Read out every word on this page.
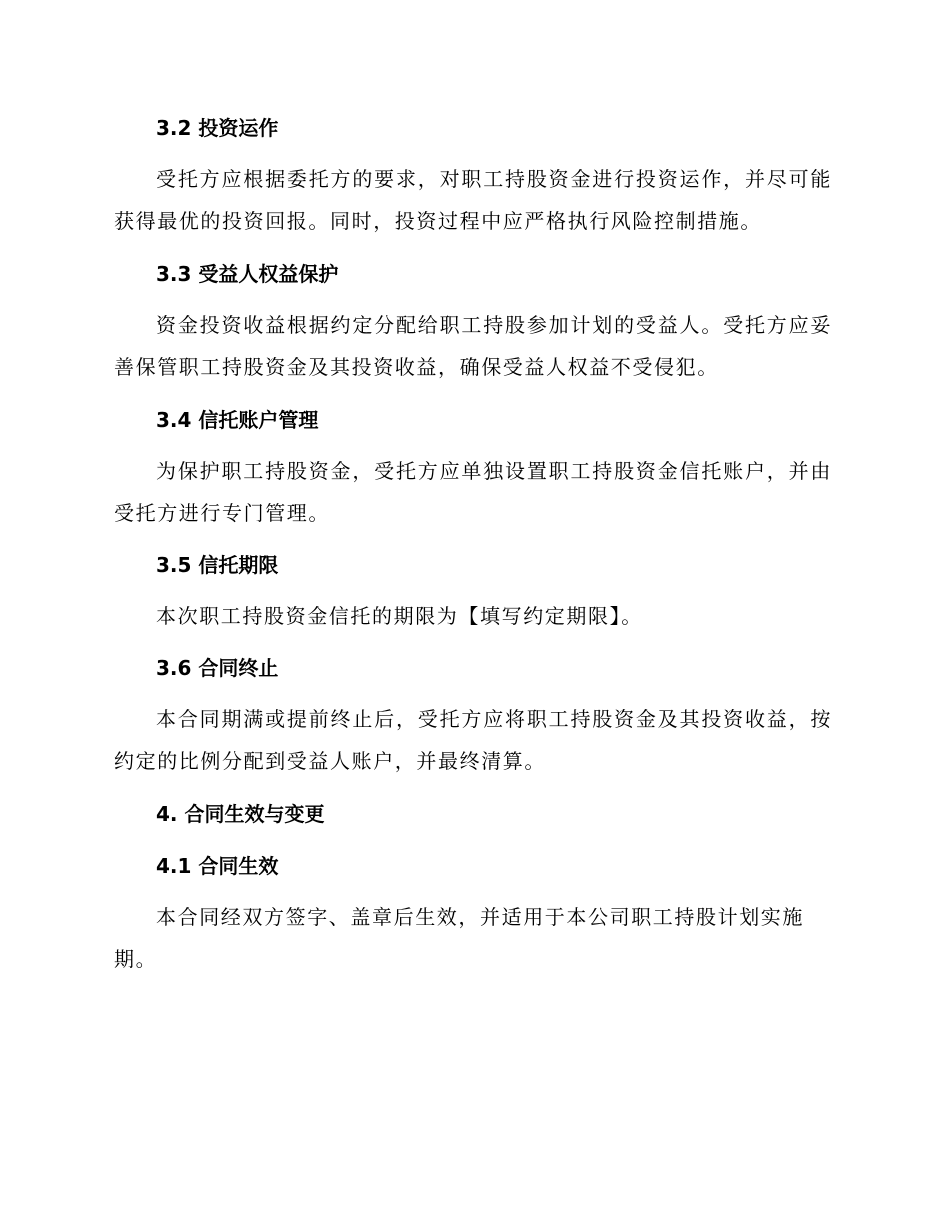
3.2 投资运作
受托方应根据委托方的要求，对职工持股资金进行投资运作，并尽可能
获得最优的投资回报。同时，投资过程中应严格执行风险控制措施。
3.3 受益人权益保护
资金投资收益根据约定分配给职工持股参加计划的受益人。受托方应妥
善保管职工持股资金及其投资收益，确保受益人权益不受侵犯。
3.4 信托账户管理
为保护职工持股资金，受托方应单独设置职工持股资金信托账户，并由
受托方进行专门管理。
3.5 信托期限
本次职工持股资金信托的期限为【填写约定期限】。
3.6 合同终止
本合同期满或提前终止后，受托方应将职工持股资金及其投资收益，按
约定的比例分配到受益人账户，并最终清算。
4. 合同生效与变更
4.1 合同生效
本合同经双方签字、盖章后生效，并适用于本公司职工持股计划实施
期。
